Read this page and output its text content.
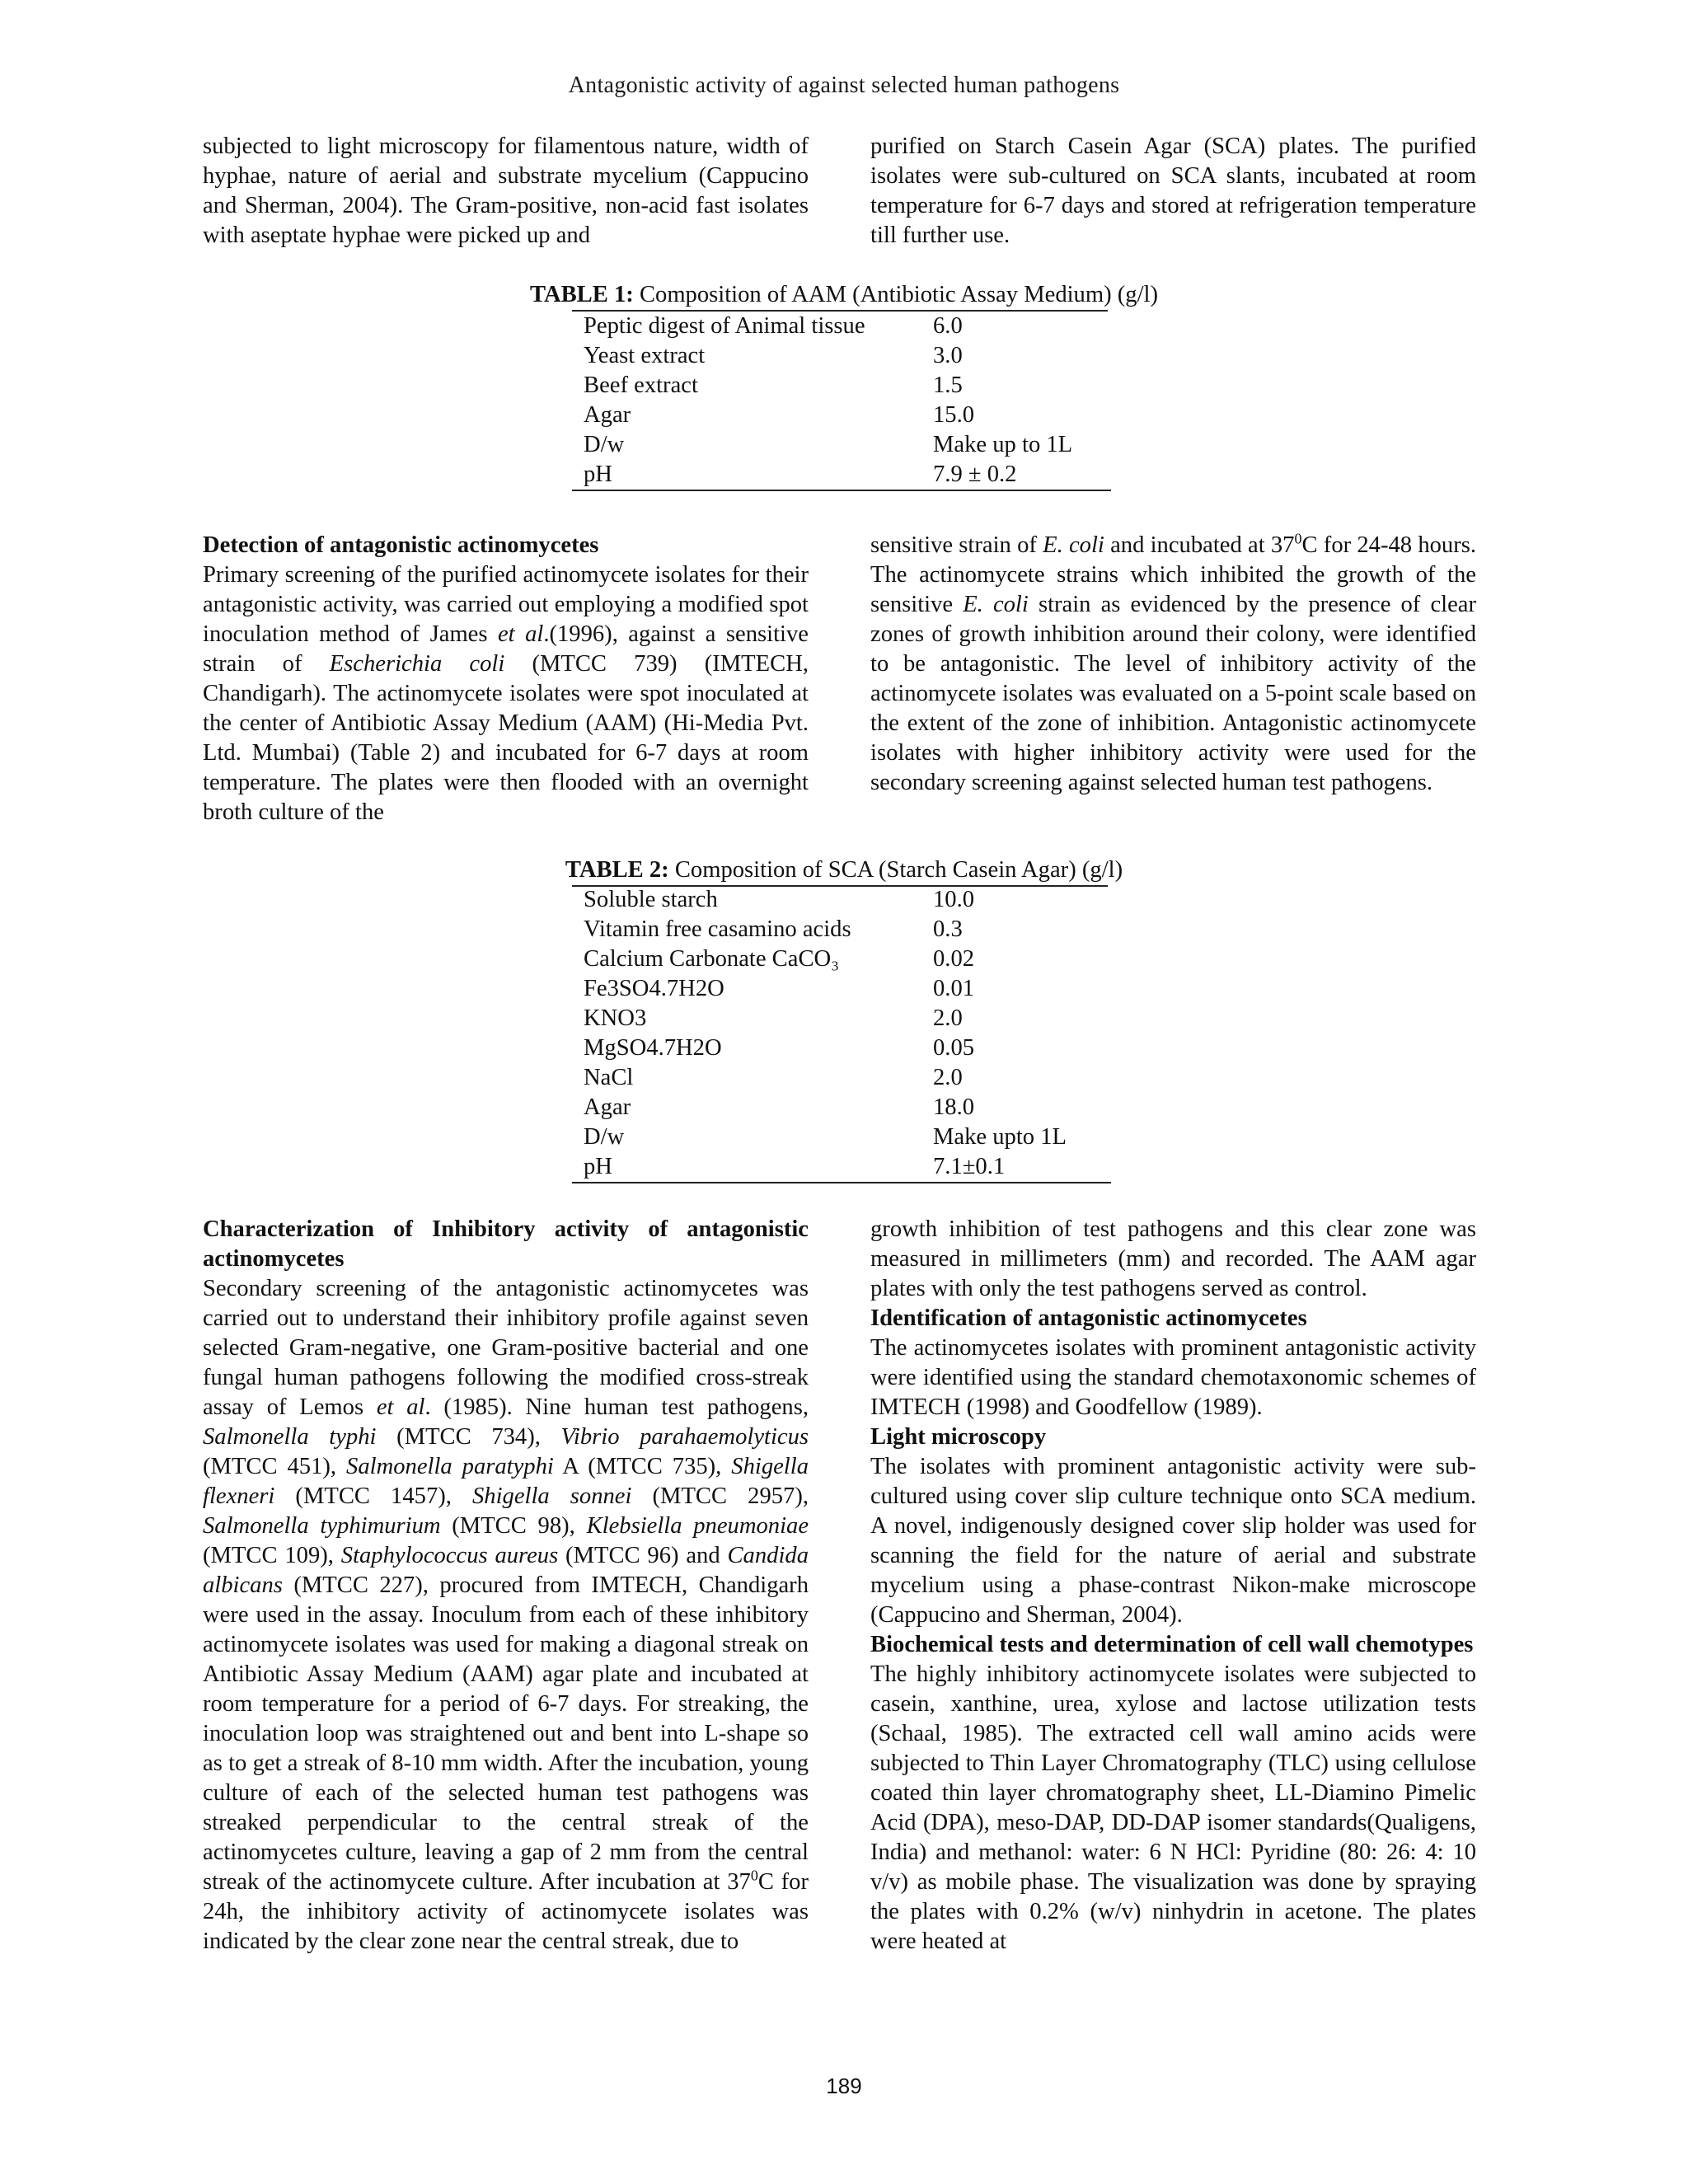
Antagonistic activity of against selected human pathogens

subjected to light microscopy for filamentous nature, width of hyphae, nature of aerial and substrate mycelium (Cappucino and Sherman, 2004). The Gram-positive, non-acid fast isolates with aseptate hyphae were picked up and

purified on Starch Casein Agar (SCA) plates. The purified isolates were sub-cultured on SCA slants, incubated at room temperature for 6-7 days and stored at refrigeration temperature till further use.

TABLE 1: Composition of AAM (Antibiotic Assay Medium) (g/l)
Peptic digest of Animal tissue	6.0
Yeast extract	3.0
Beef extract	1.5
Agar	15.0
D/w	Make up to 1L
pH	7.9 ± 0.2
Detection of antagonistic actinomycetes

Primary screening of the purified actinomycete isolates for their antagonistic activity, was carried out employing a modified spot inoculation method of James et al.(1996), against a sensitive strain of Escherichia coli (MTCC 739) (IMTECH, Chandigarh). The actinomycete isolates were spot inoculated at the center of Antibiotic Assay Medium (AAM) (Hi-Media Pvt. Ltd. Mumbai) (Table 2) and incubated for 6-7 days at room temperature. The plates were then flooded with an overnight broth culture of the

sensitive strain of E. coli and incubated at $37^0C$ for 24-48 hours. The actinomycete strains which inhibited the growth of the sensitive E. coli strain as evidenced by the presence of clear zones of growth inhibition around their colony, were identified to be antagonistic. The level of inhibitory activity of the actinomycete isolates was evaluated on a 5-point scale based on the extent of the zone of inhibition. Antagonistic actinomycete isolates with higher inhibitory activity were used for the secondary screening against selected human test pathogens.

TABLE 2: Composition of SCA (Starch Casein Agar) (g/l)
Soluble starch	10.0
Vitamin free casamino acids	0.3
Calcium Carbonate CaCO₃	0.02
Fe3SO4.7H2O	0.01
KNO3	2.0
MgSO4.7H2O	0.05
NaCl	2.0
Agar	18.0
D/w	Make upto 1L
pH	7.1±0.1
Characterization of Inhibitory activity of antagonistic actinomycetes

Secondary screening of the antagonistic actinomycetes was carried out to understand their inhibitory profile against seven selected Gram-negative, one Gram-positive bacterial and one fungal human pathogens following the modified cross-streak assay of Lemos et al. (1985). Nine human test pathogens, Salmonella typhi (MTCC 734), Vibrio parahaemolyticus (MTCC 451), Salmonella paratyphi A (MTCC 735), Shigella flexneri (MTCC 1457), Shigella sonnei (MTCC 2957), Salmonella typhimurium (MTCC 98), Klebsiella pneumoniae (MTCC 109), Staphylococcus aureus (MTCC 96) and Candida albicans (MTCC 227), procured from IMTECH, Chandigarh were used in the assay. Inoculum from each of these inhibitory actinomycete isolates was used for making a diagonal streak on Antibiotic Assay Medium (AAM) agar plate and incubated at room temperature for a period of 6-7 days. For streaking, the inoculation loop was straightened out and bent into L-shape so as to get a streak of 8-10 mm width. After the incubation, young culture of each of the selected human test pathogens was streaked perpendicular to the central streak of the actinomycetes culture, leaving a gap of 2 mm from the central streak of the actinomycete culture. After incubation at $37^0C$ for 24h, the inhibitory activity of actinomycete isolates was indicated by the clear zone near the central streak, due to

growth inhibition of test pathogens and this clear zone was measured in millimeters (mm) and recorded. The AAM agar plates with only the test pathogens served as control.

Identification of antagonistic actinomycetes

The actinomycetes isolates with prominent antagonistic activity were identified using the standard chemotaxonomic schemes of IMTECH (1998) and Goodfellow (1989).

Light microscopy

The isolates with prominent antagonistic activity were sub-cultured using cover slip culture technique onto SCA medium. A novel, indigenously designed cover slip holder was used for scanning the field for the nature of aerial and substrate mycelium using a phase-contrast Nikon-make microscope (Cappucino and Sherman, 2004).

Biochemical tests and determination of cell wall chemotypes

The highly inhibitory actinomycete isolates were subjected to casein, xanthine, urea, xylose and lactose utilization tests (Schaal, 1985). The extracted cell wall amino acids were subjected to Thin Layer Chromatography (TLC) using cellulose coated thin layer chromatography sheet, LL-Diamino Pimelic Acid (DPA), meso-DAP, DD-DAP isomer standards(Qualigens, India) and methanol: water: 6 N HCl: Pyridine (80: 26: 4: 10 v/v) as mobile phase. The visualization was done by spraying the plates with 0.2% (w/v) ninhydrin in acetone. The plates were heated at

189
